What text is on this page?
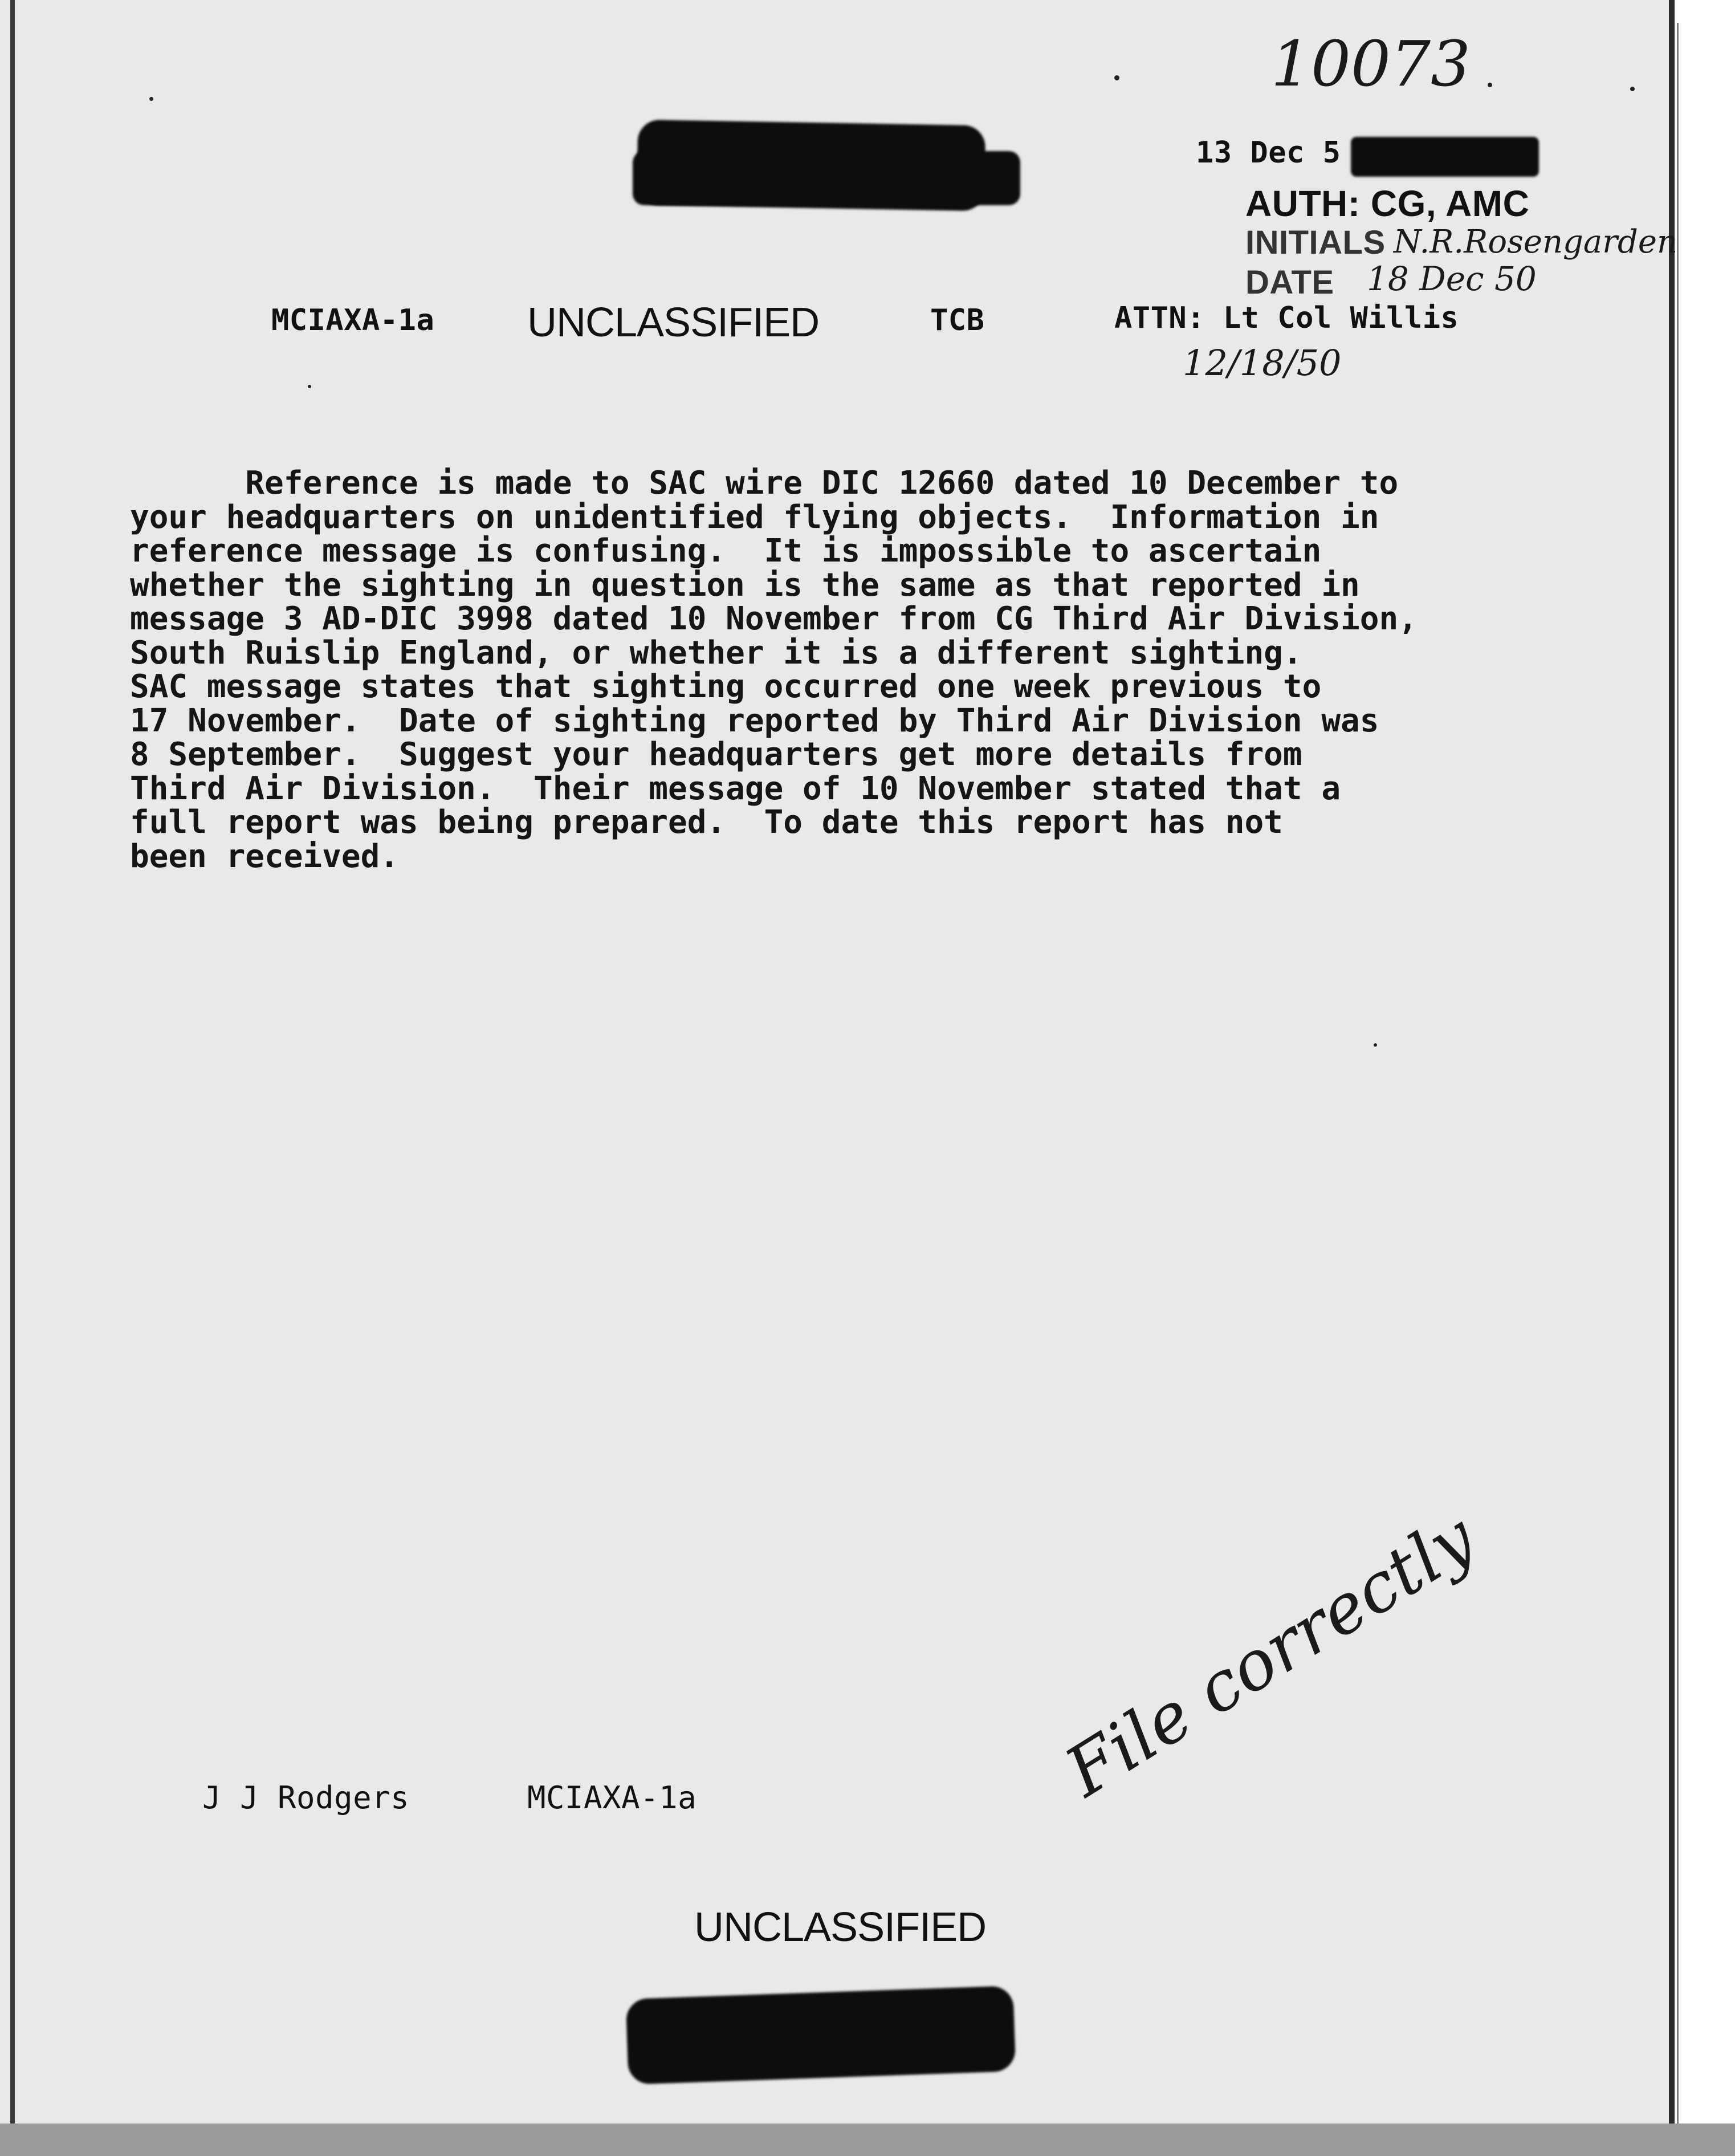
10073
13 Dec 5
AUTH: CG, AMC
INITIALS N.R.Rosengarden
DATE 18 Dec 50
MCIAXA-1a UNCLASSIFIED	TCB	ATTN: Lt Col Willis
12/18/50

Reference is made to SAC wire DIC 12660 dated 10 December to

your headquarters on unidentified flying objects.  Information in

reference message is confusing.  It is impossible to ascertain

whether the sighting in question is the same as that reported in

message 3 AD-DIC 3998 dated 10 November from CG Third Air Division,

South Ruislip England, or whether it is a different sighting.

SAC message states that sighting occurred one week previous to

17 November.  Date of sighting reported by Third Air Division was

8 September.  Suggest your headquarters get more details from

Third Air Division.  Their message of 10 November stated that a

full report was being prepared.  To date this report has not

been received.

J J Rodgers	MCIAXA-1a	File correctly
UNCLASSIFIED
